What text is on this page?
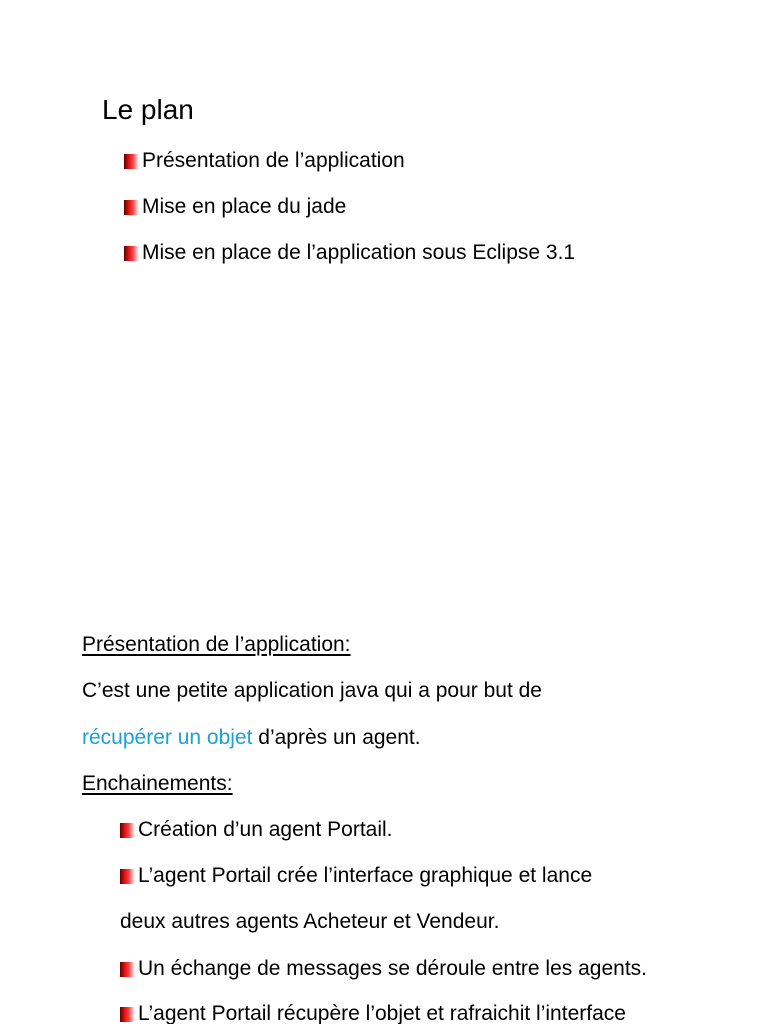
Le plan
Présentation de l’application
Mise en place du jade
Mise en place de l’application sous Eclipse 3.1
Présentation de l’application:
C’est une petite application java qui a pour but de
récupérer un objet d’après un agent.
Enchainements:
Création d’un agent Portail.
L’agent Portail crée l’interface graphique et lance
deux autres agents Acheteur et Vendeur.
Un échange de messages se déroule entre les agents.
L’agent Portail récupère l’objet et rafraichit l’interface
